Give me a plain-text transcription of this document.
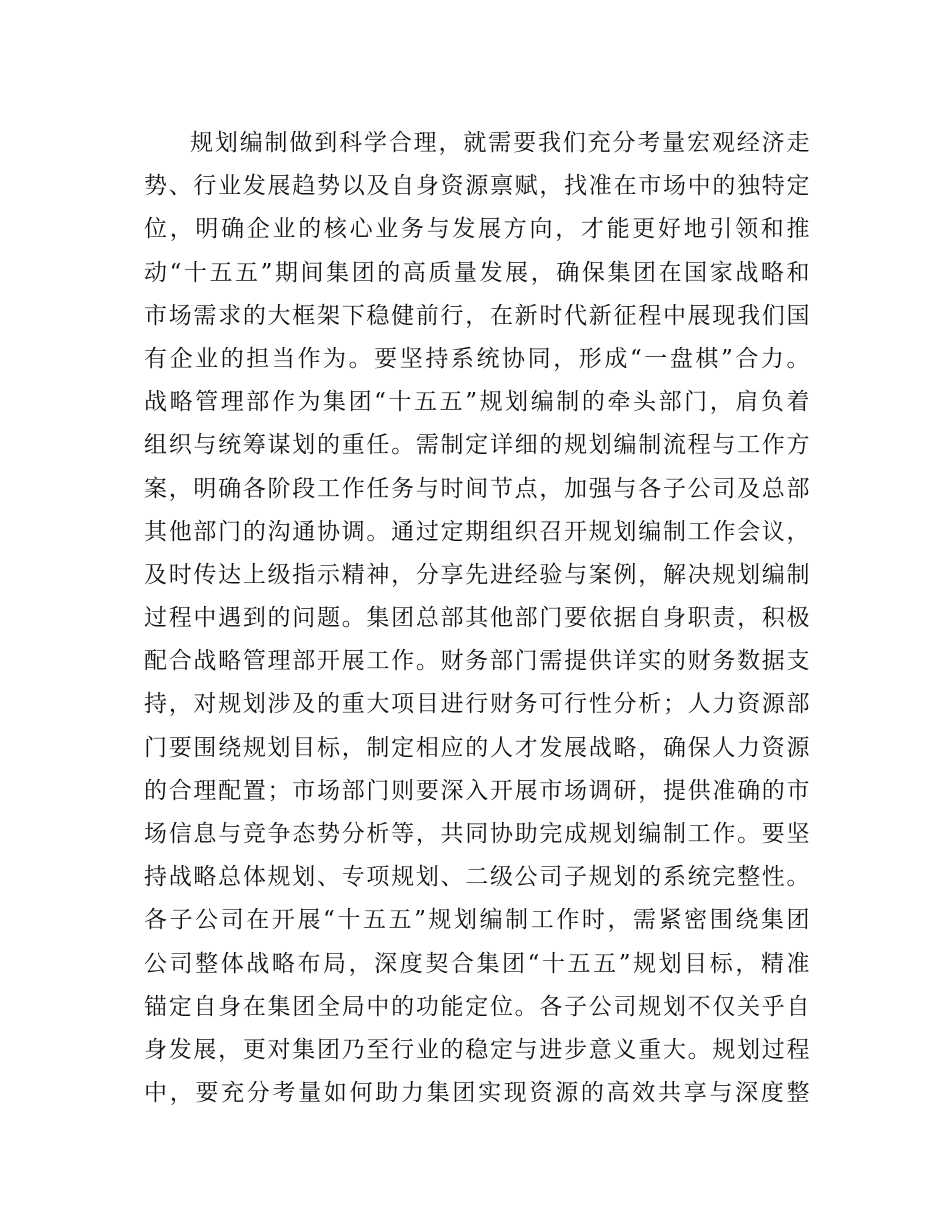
规划编制做到科学合理，就需要我们充分考量宏观经济走
势、行业发展趋势以及自身资源禀赋，找准在市场中的独特定
位，明确企业的核心业务与发展方向，才能更好地引领和推
动“十五五”期间集团的高质量发展，确保集团在国家战略和
市场需求的大框架下稳健前行，在新时代新征程中展现我们国
有企业的担当作为。要坚持系统协同，形成“一盘棋”合力。
战略管理部作为集团“十五五”规划编制的牵头部门，肩负着
组织与统筹谋划的重任。需制定详细的规划编制流程与工作方
案，明确各阶段工作任务与时间节点，加强与各子公司及总部
其他部门的沟通协调。通过定期组织召开规划编制工作会议，
及时传达上级指示精神，分享先进经验与案例，解决规划编制
过程中遇到的问题。集团总部其他部门要依据自身职责，积极
配合战略管理部开展工作。财务部门需提供详实的财务数据支
持，对规划涉及的重大项目进行财务可行性分析；人力资源部
门要围绕规划目标，制定相应的人才发展战略，确保人力资源
的合理配置；市场部门则要深入开展市场调研，提供准确的市
场信息与竞争态势分析等，共同协助完成规划编制工作。要坚
持战略总体规划、专项规划、二级公司子规划的系统完整性。
各子公司在开展“十五五”规划编制工作时，需紧密围绕集团
公司整体战略布局，深度契合集团“十五五”规划目标，精准
锚定自身在集团全局中的功能定位。各子公司规划不仅关乎自
身发展，更对集团乃至行业的稳定与进步意义重大。规划过程
中，要充分考量如何助力集团实现资源的高效共享与深度整
